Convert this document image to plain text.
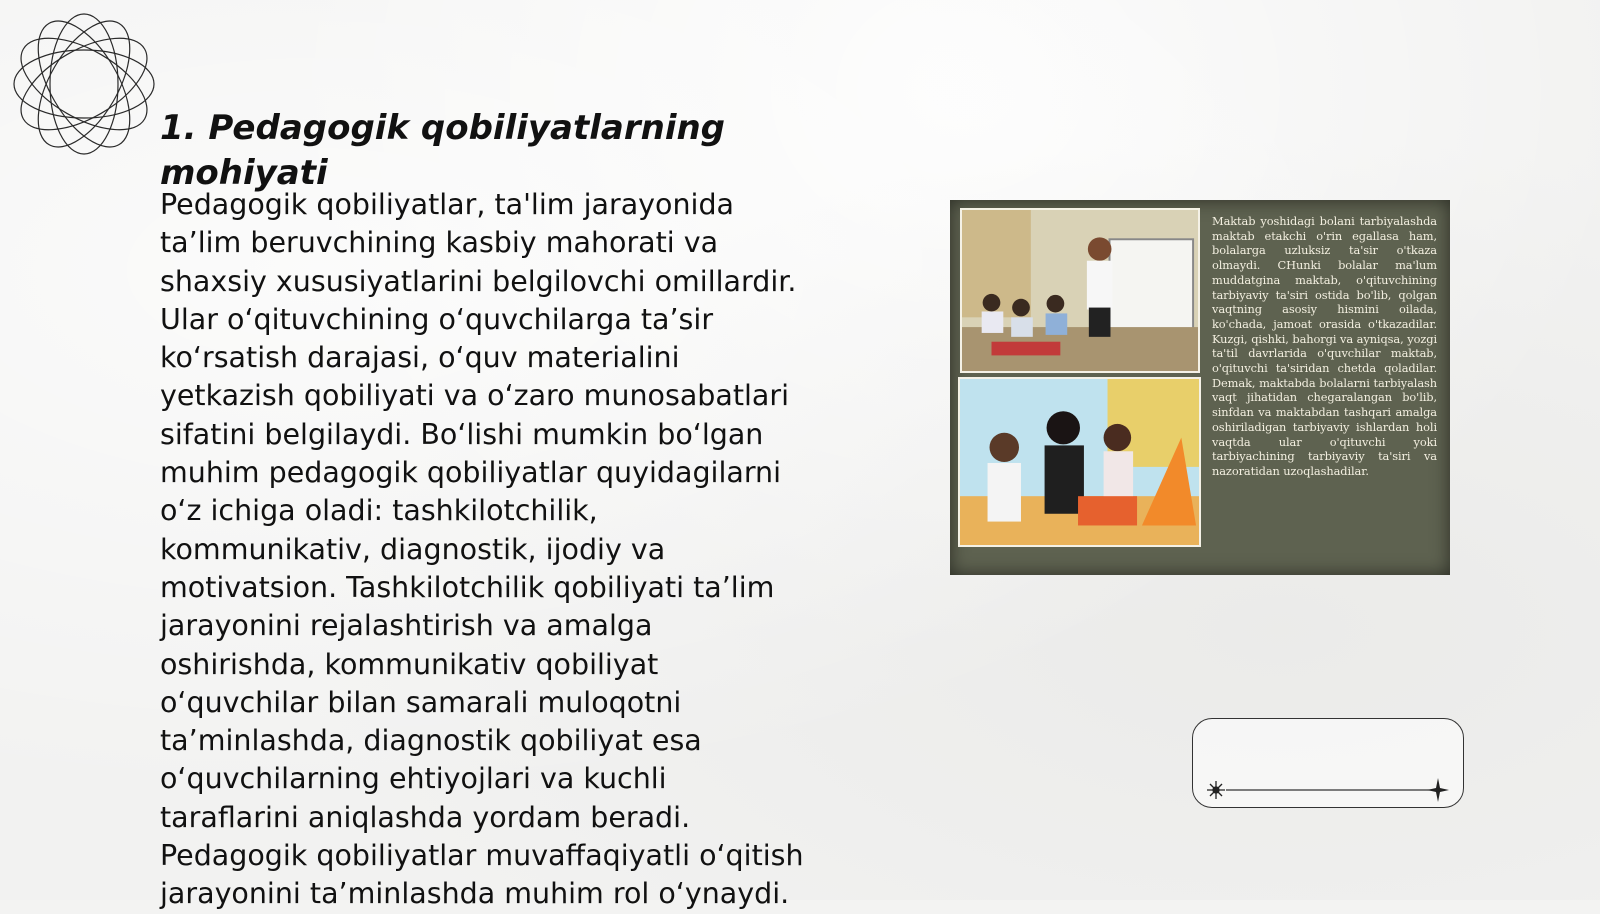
1. Pedagogik qobiliyatlarning mohiyati

Pedagogik qobiliyatlar, ta'lim jarayonida
ta’lim beruvchining kasbiy mahorati va
shaxsiy xususiyatlarini belgilovchi omillardir.
Ular o‘qituvchining o‘quvchilarga ta’sir
ko‘rsatish darajasi, o‘quv materialini
yetkazish qobiliyati va o‘zaro munosabatlari
sifatini belgilaydi. Bo‘lishi mumkin bo‘lgan
muhim pedagogik qobiliyatlar quyidagilarni
o‘z ichiga oladi: tashkilotchilik,
kommunikativ, diagnostik, ijodiy va
motivatsion. Tashkilotchilik qobiliyati ta’lim
jarayonini rejalashtirish va amalga
oshirishda, kommunikativ qobiliyat
o‘quvchilar bilan samarali muloqotni
ta’minlashda, diagnostik qobiliyat esa
o‘quvchilarning ehtiyojlari va kuchli
taraflarini aniqlashda yordam beradi.
Pedagogik qobiliyatlar muvaffaqiyatli o‘qitish
jarayonini ta’minlashda muhim rol o‘ynaydi.

Maktab yoshidagi bolani tarbiyalashda maktab etakchi o'rin egallasa ham, bolalarga uzluksiz ta'sir o'tkaza olmaydi. CHunki bolalar ma'lum muddatgina maktab, o'qituvchining tarbiyaviy ta'siri ostida bo'lib, qolgan vaqtning asosiy hismini oilada, ko'chada, jamoat orasida o'tkazadilar. Kuzgi, qishki, bahorgi va ayniqsa, yozgi ta'til davrlarida o'quvchilar maktab, o'qituvchi ta'siridan chetda qoladilar. Demak, maktabda bolalarni tarbiyalash vaqt jihatidan chegaralangan bo'lib, sinfdan va maktabdan tashqari amalga oshiriladigan tarbiyaviy ishlardan holi vaqtda ular o'qituvchi yoki tarbiyachining tarbiyaviy ta'siri va nazoratidan uzoqlashadilar.
